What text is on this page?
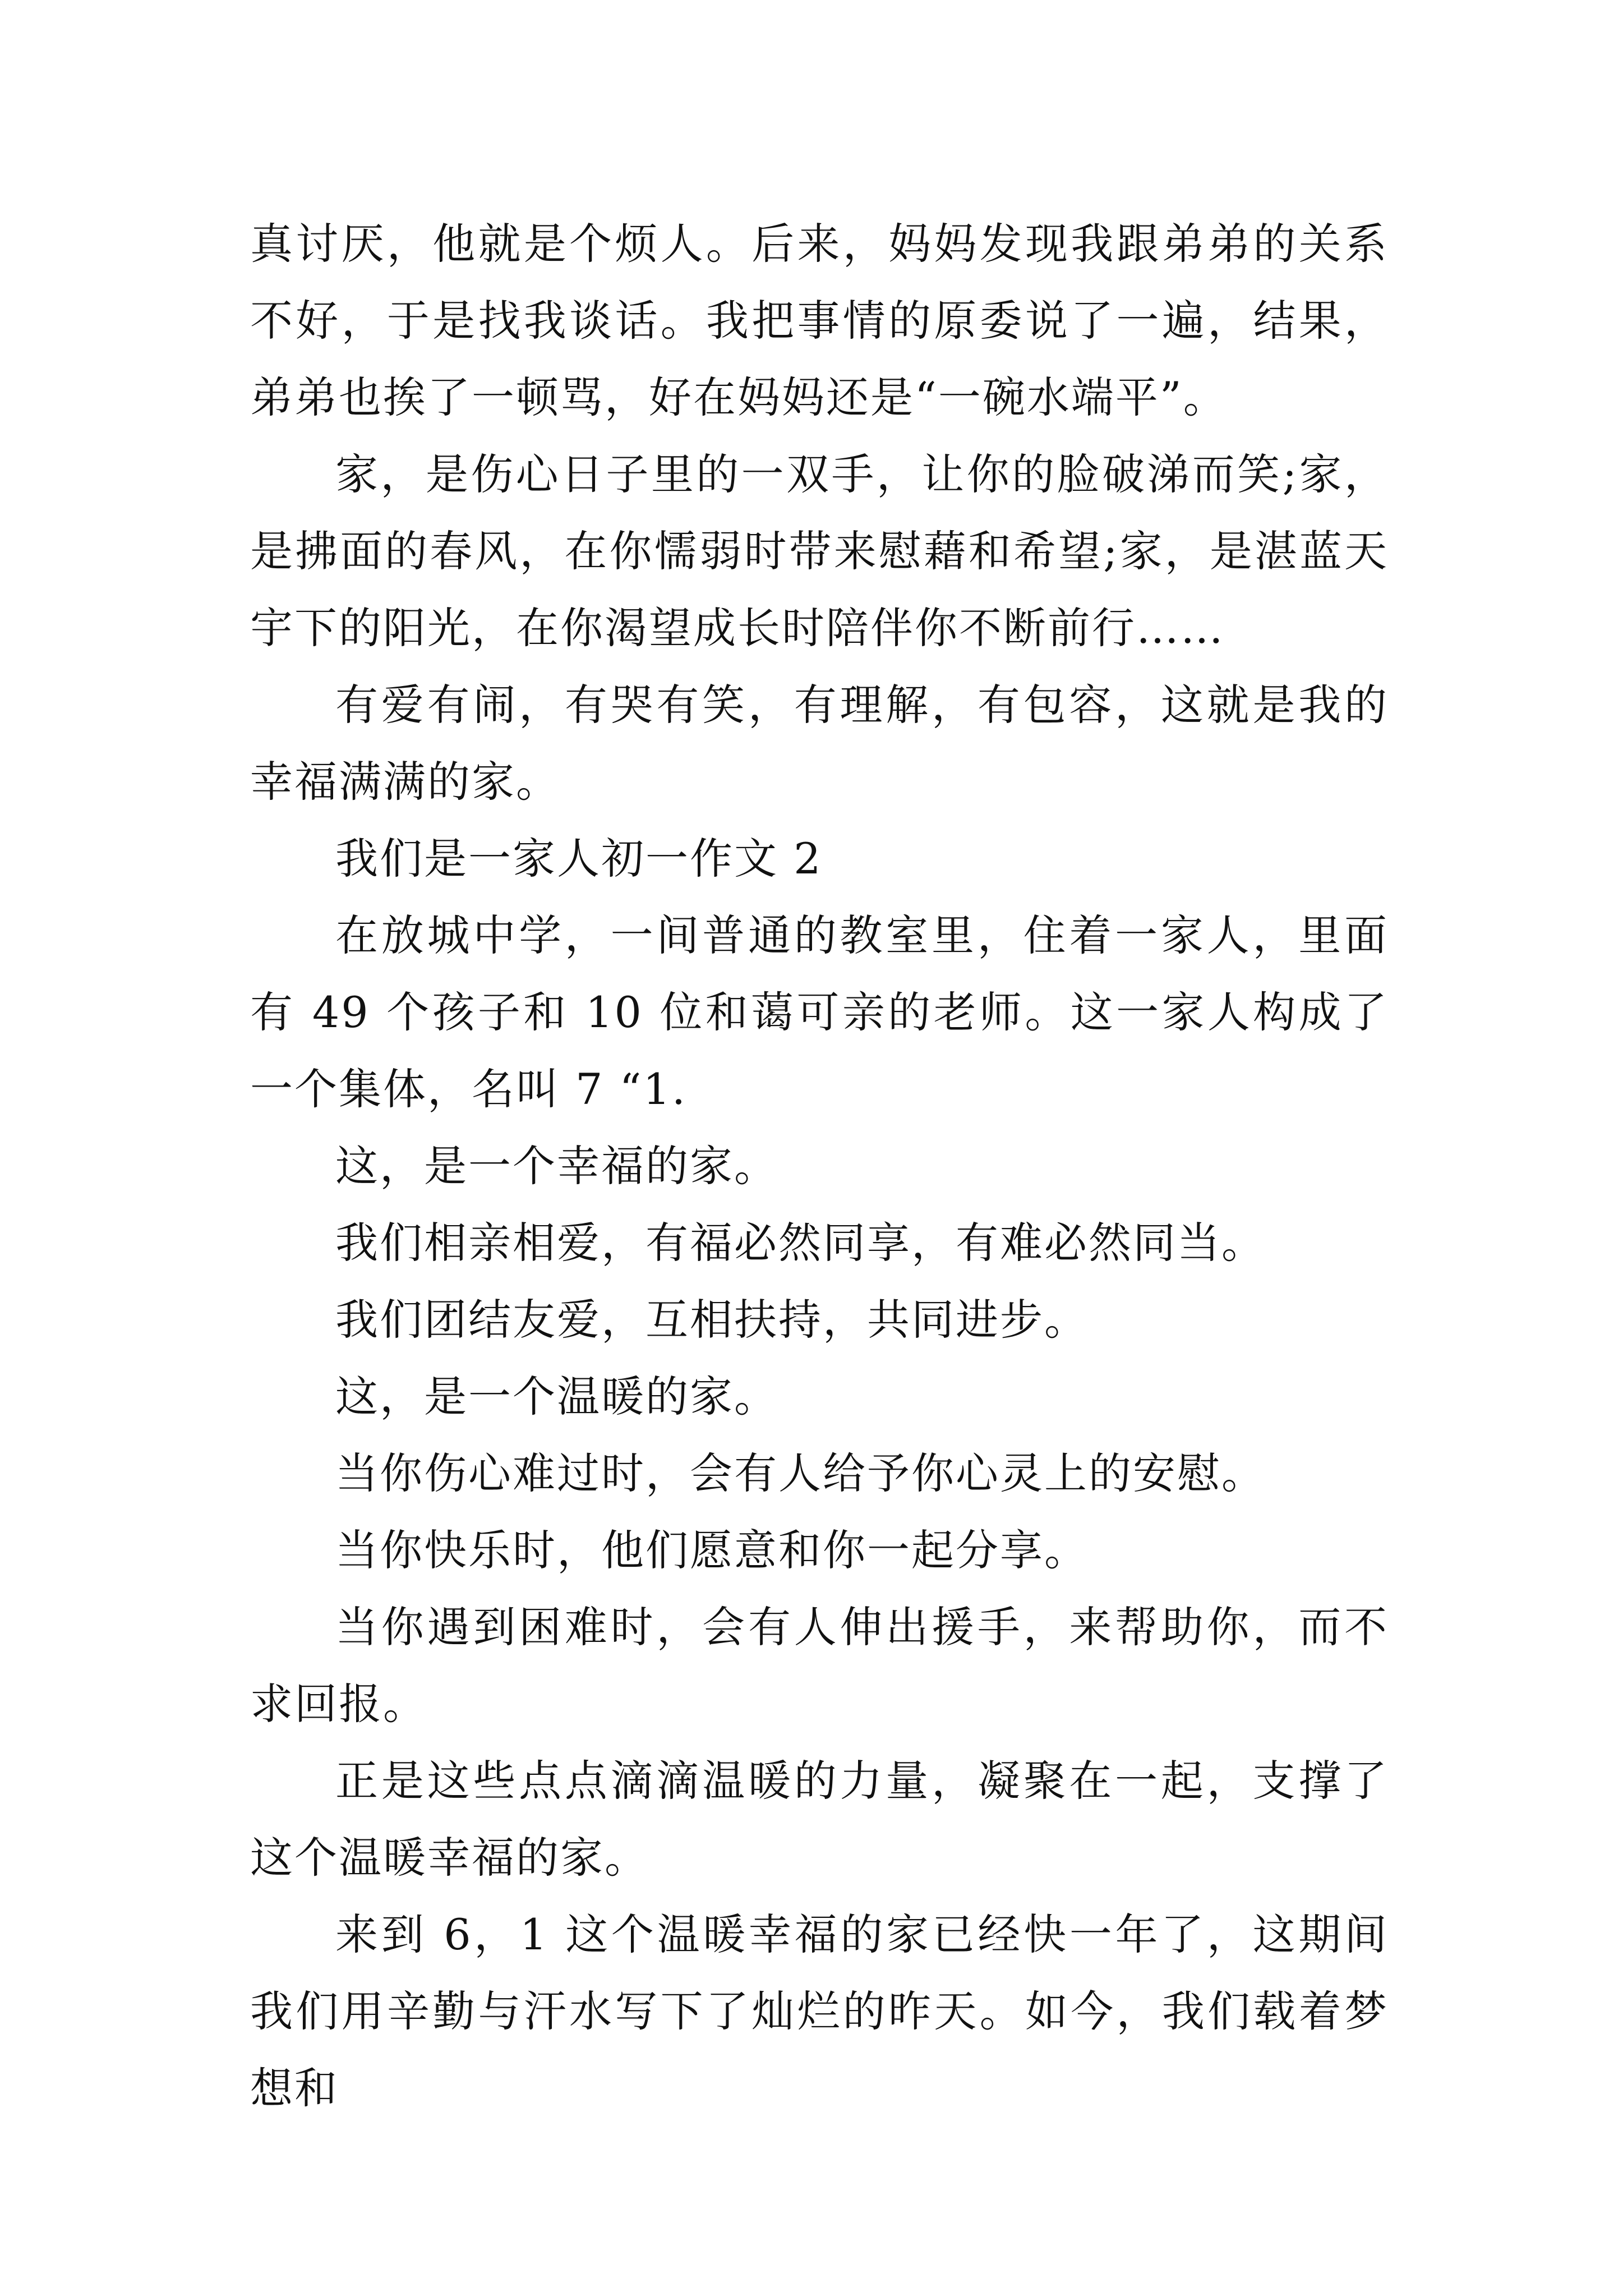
真讨厌，他就是个烦人。后来，妈妈发现我跟弟弟的关系不好，于是找我谈话。我把事情的原委说了一遍，结果，弟弟也挨了一顿骂，好在妈妈还是“一碗水端平”。

家，是伤心日子里的一双手，让你的脸破涕而笑;家，是拂面的春风，在你懦弱时带来慰藉和希望;家，是湛蓝天宇下的阳光，在你渴望成长时陪伴你不断前行……

有爱有闹，有哭有笑，有理解，有包容，这就是我的幸福满满的家。

我们是一家人初一作文 2

在放城中学，一间普通的教室里，住着一家人，里面有 49 个孩子和 10 位和蔼可亲的老师。这一家人构成了一个集体，名叫 7 “1.

这，是一个幸福的家。

我们相亲相爱，有福必然同享，有难必然同当。

我们团结友爱，互相扶持，共同进步。

这，是一个温暖的家。

当你伤心难过时，会有人给予你心灵上的安慰。

当你快乐时，他们愿意和你一起分享。

当你遇到困难时，会有人伸出援手，来帮助你，而不求回报。

正是这些点点滴滴温暖的力量，凝聚在一起，支撑了这个温暖幸福的家。

来到 6，1 这个温暖幸福的家已经快一年了，这期间我们用辛勤与汗水写下了灿烂的昨天。如今，我们载着梦想和
